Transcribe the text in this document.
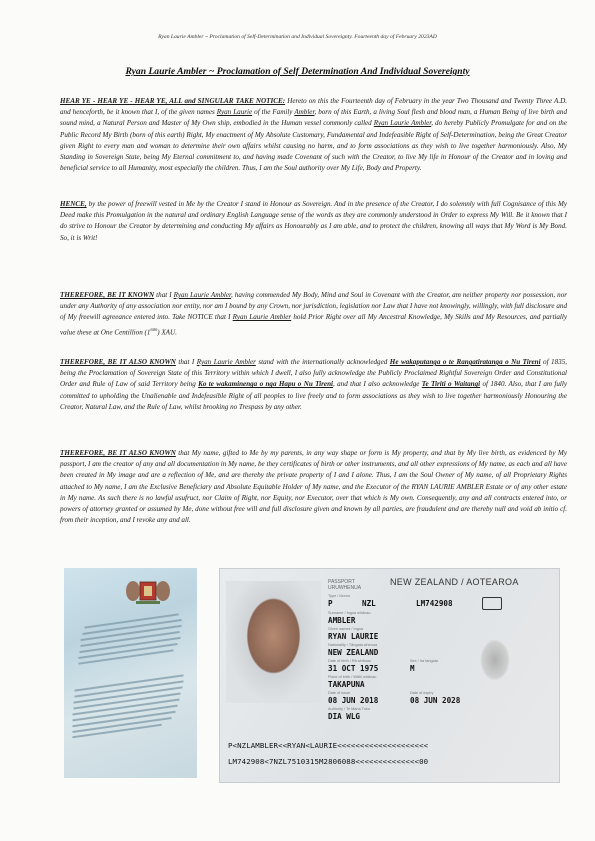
Ryan Laurie Ambler ~ Proclamation of Self-Determination and Individual Sovereignty. Fourteenth day of February 2023AD
Ryan Laurie Ambler ~ Proclamation of Self Determination And Individual Sovereignty

HEAR YE - HEAR YE - HEAR YE, ALL and SINGULAR TAKE NOTICE: Hereto on this the Fourteenth day of February in the year Two Thousand and Twenty Three A.D. and henceforth, be it known that I, of the given names Ryan Laurie of the Family Ambler, born of this Earth, a living Soul flesh and blood man, a Human Being of live birth and sound mind, a Natural Person and Master of My Own ship, embodied in the Human vessel commonly called Ryan Laurie Ambler, do hereby Publicly Promulgate for and on the Public Record My Birth (born of this earth) Right, My enactment of My Absolute Customary, Fundamental and Indefeasible Right of Self-Determination, being the Great Creator given Right to every man and woman to determine their own affairs whilst causing no harm, and to form associations as they wish to live together harmoniously. Also, My Standing in Sovereign State, being My Eternal commitment to, and having made Covenant of such with the Creator, to live My life in Honour of the Creator and in loving and beneficial service to all Humanity, most especially the children. Thus, I am the Soul authority over My Life, Body and Property.

HENCE, by the power of freewill vested in Me by the Creator I stand in Honour as Sovereign. And in the presence of the Creator, I do solemnly with full Cognisance of this My Deed make this Promulgation in the natural and ordinary English Language sense of the words as they are commonly understood in Order to express My Will. Be it known that I do strive to Honour the Creator by determining and conducting My affairs as Honourably as I am able, and to protect the children, knowing all ways that My Word is My Bond. So, it is Writ!

THEREFORE, BE IT KNOWN that I Ryan Laurie Ambler, having commended My Body, Mind and Soul in Covenant with the Creator, am neither property nor possession, nor under any Authority of any association nor entity, nor am I bound by any Crown, nor jurisdiction, legislation nor Law that I have not knowingly, willingly, with full disclosure and of My freewill agreeance entered into. Take NOTICE that I Ryan Laurie Ambler hold Prior Right over all My Ancestral Knowledge, My Skills and My Resources, and partially value these at One Centillion $(1^{600})$ XAU.

THEREFORE, BE IT ALSO KNOWN that I Ryan Laurie Ambler stand with the internationally acknowledged He wakaputanga o te Rangatiratanga o Nu Tireni of 1835, being the Proclamation of Sovereign State of this Territory within which I dwell, I also fully acknowledge the Publicly Proclaimed Rightful Sovereign Order and Constitutional Order and Rule of Law of said Territory being Ko te wakaminenga o nga Hapu o Nu Tireni, and that I also acknowledge Te Tiriti o Waitangi of 1840. Also, that I am fully committed to upholding the Unalienable and Indefeasible Right of all peoples to live freely and to form associations as they wish to live together harmoniously Honouring the Creator, Natural Law, and the Rule of Law, whilst brooking no Trespass by any other.

THEREFORE, BE IT ALSO KNOWN that My name, gifted to Me by my parents, in any way shape or form is My property, and that by My live birth, as evidenced by My passport, I am the creator of any and all documentation in My name, be they certificates of birth or other instruments, and all other expressions of My name, as each and all have been created in My image and are a reflection of Me, and are thereby the private property of I and I alone. Thus, I am the Soul Owner of My name, of all Proprietary Rights attached to My name, I am the Exclusive Beneficiary and Absolute Equitable Holder of My name, and the Executor of the RYAN LAURIE AMBLER Estate or of any other estate in My name. As such there is no lawful usufruct, nor Claim of Right, nor Equity, nor Executor, over that which is My own. Consequently, any and all contracts entered into, or powers of attorney granted or assumed by Me, done without free will and full disclosure given and known by all parties, are fraudulent and are thereby null and void ab initio cf. from their inception, and I revoke any and all.

PASSPORT
URUWHENUA
NEW ZEALAND / AOTEAROA
Type / Momo
P	NZL	LM742908
Surname / Ingoa whānau
AMBLER
Given names / Ingoa
RYAN LAURIE
Nationality / Tāngata whenua
NEW ZEALAND
Date of birth / Rā whānau
31 OCT 1975
Sex / Ira tangata
M
Place of birth / Wāhi whānau
TAKAPUNA
Date of issue
08 JUN 2018
Date of expiry
08 JUN 2028
Authority / Te Mana Tuku
DIA WLG
P<NZLAMBLER<<RYAN<LAURIE<<<<<<<<<<<<<<<<<<<<
LM742908<7NZL7510315M2806088<<<<<<<<<<<<<<00
